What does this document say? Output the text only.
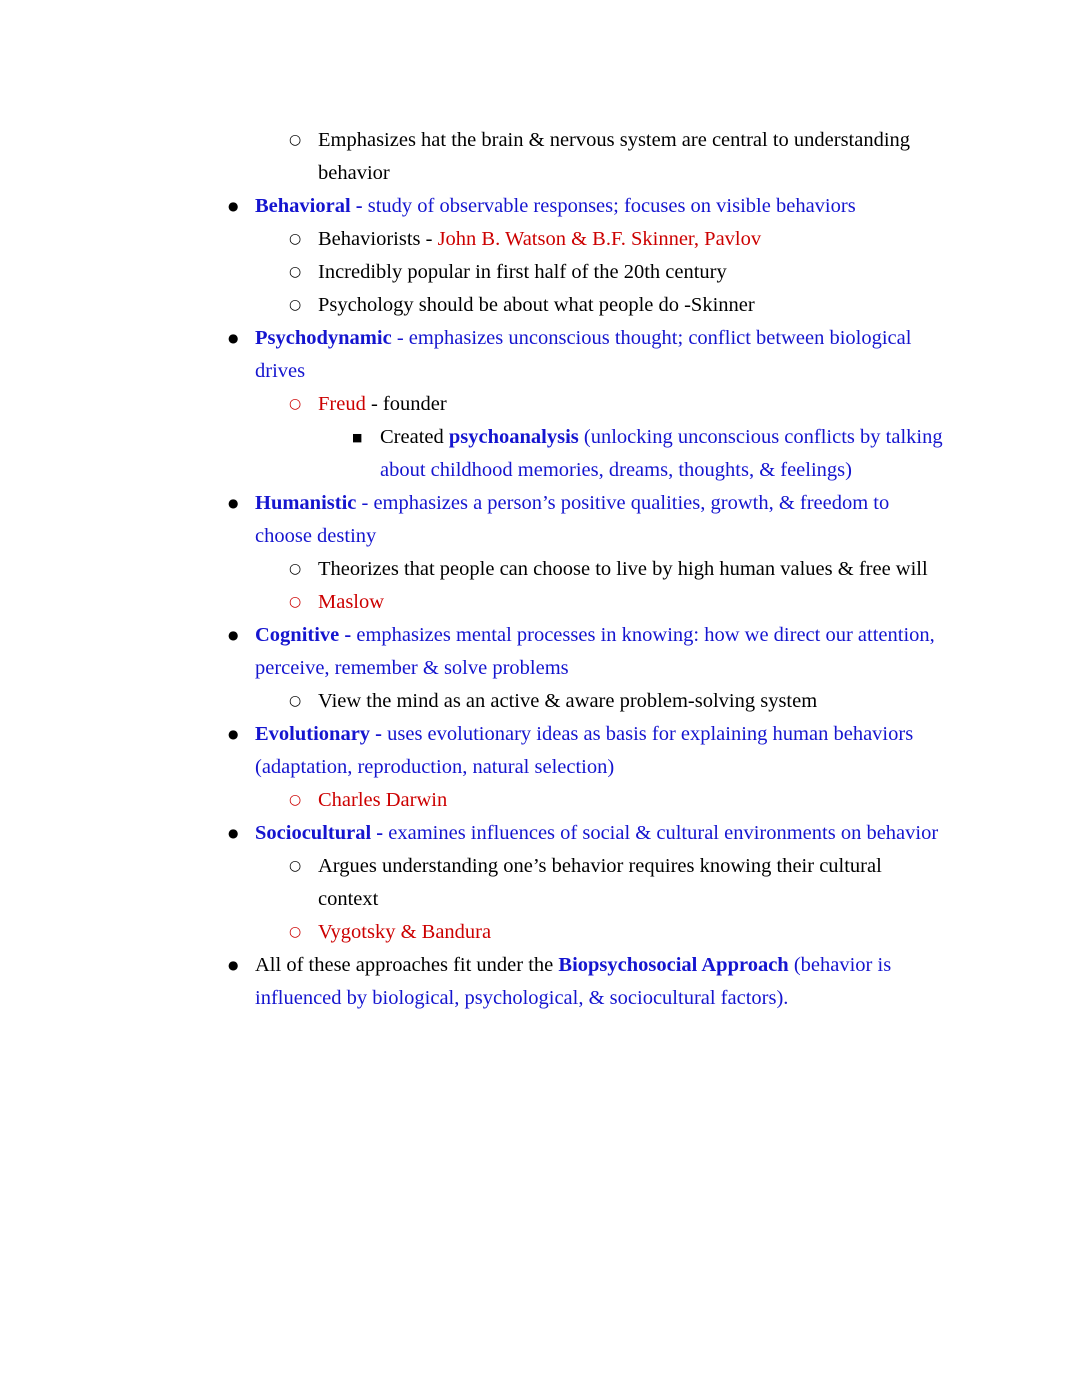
○ Emphasizes hat the brain & nervous system are central to understanding behavior
● Behavioral - study of observable responses; focuses on visible behaviors
○ Behaviorists - John B. Watson & B.F. Skinner, Pavlov
○ Incredibly popular in first half of the 20th century
○ Psychology should be about what people do -Skinner
● Psychodynamic - emphasizes unconscious thought; conflict between biological drives
○ Freud - founder
■ Created psychoanalysis (unlocking unconscious conflicts by talking about childhood memories, dreams, thoughts, & feelings)
● Humanistic - emphasizes a person’s positive qualities, growth, & freedom to choose destiny
○ Theorizes that people can choose to live by high human values & free will
○ Maslow
● Cognitive - emphasizes mental processes in knowing: how we direct our attention, perceive, remember & solve problems
○ View the mind as an active & aware problem-solving system
● Evolutionary - uses evolutionary ideas as basis for explaining human behaviors (adaptation, reproduction, natural selection)
○ Charles Darwin
● Sociocultural - examines influences of social & cultural environments on behavior
○ Argues understanding one’s behavior requires knowing their cultural context
○ Vygotsky & Bandura
● All of these approaches fit under the Biopsychosocial Approach (behavior is influenced by biological, psychological, & sociocultural factors).
